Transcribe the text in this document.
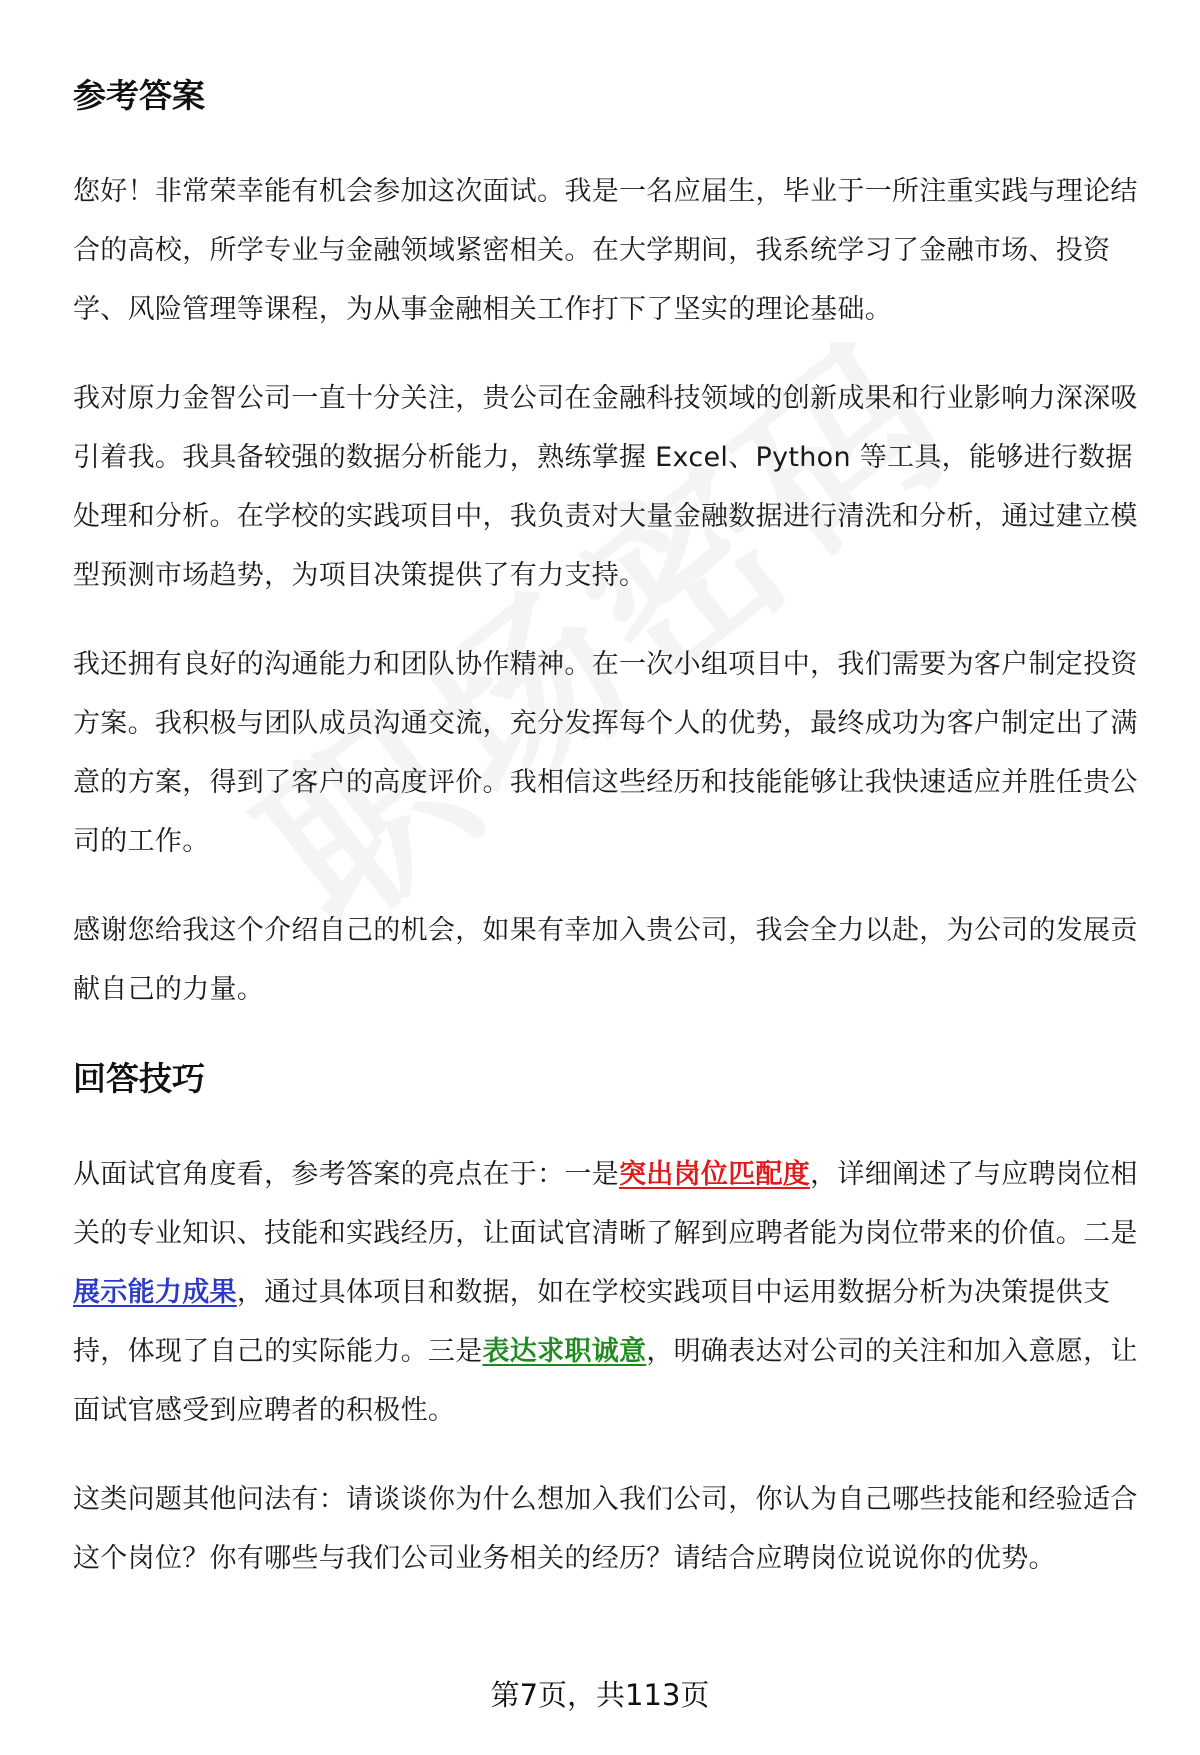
参考答案

您好！非常荣幸能有机会参加这次面试。我是一名应届生，毕业于一所注重实践与理论结合的高校，所学专业与金融领域紧密相关。在大学期间，我系统学习了金融市场、投资学、风险管理等课程，为从事金融相关工作打下了坚实的理论基础。

我对原力金智公司一直十分关注，贵公司在金融科技领域的创新成果和行业影响力深深吸引着我。我具备较强的数据分析能力，熟练掌握 Excel、Python 等工具，能够进行数据处理和分析。在学校的实践项目中，我负责对大量金融数据进行清洗和分析，通过建立模型预测市场趋势，为项目决策提供了有力支持。

我还拥有良好的沟通能力和团队协作精神。在一次小组项目中，我们需要为客户制定投资方案。我积极与团队成员沟通交流，充分发挥每个人的优势，最终成功为客户制定出了满意的方案，得到了客户的高度评价。我相信这些经历和技能能够让我快速适应并胜任贵公司的工作。

感谢您给我这个介绍自己的机会，如果有幸加入贵公司，我会全力以赴，为公司的发展贡献自己的力量。

回答技巧

从面试官角度看，参考答案的亮点在于：一是突出岗位匹配度，详细阐述了与应聘岗位相关的专业知识、技能和实践经历，让面试官清晰了解到应聘者能为岗位带来的价值。二是展示能力成果，通过具体项目和数据，如在学校实践项目中运用数据分析为决策提供支持，体现了自己的实际能力。三是表达求职诚意，明确表达对公司的关注和加入意愿，让面试官感受到应聘者的积极性。

这类问题其他问法有：请谈谈你为什么想加入我们公司，你认为自己哪些技能和经验适合这个岗位？你有哪些与我们公司业务相关的经历？请结合应聘岗位说说你的优势。

第7页，共113页
